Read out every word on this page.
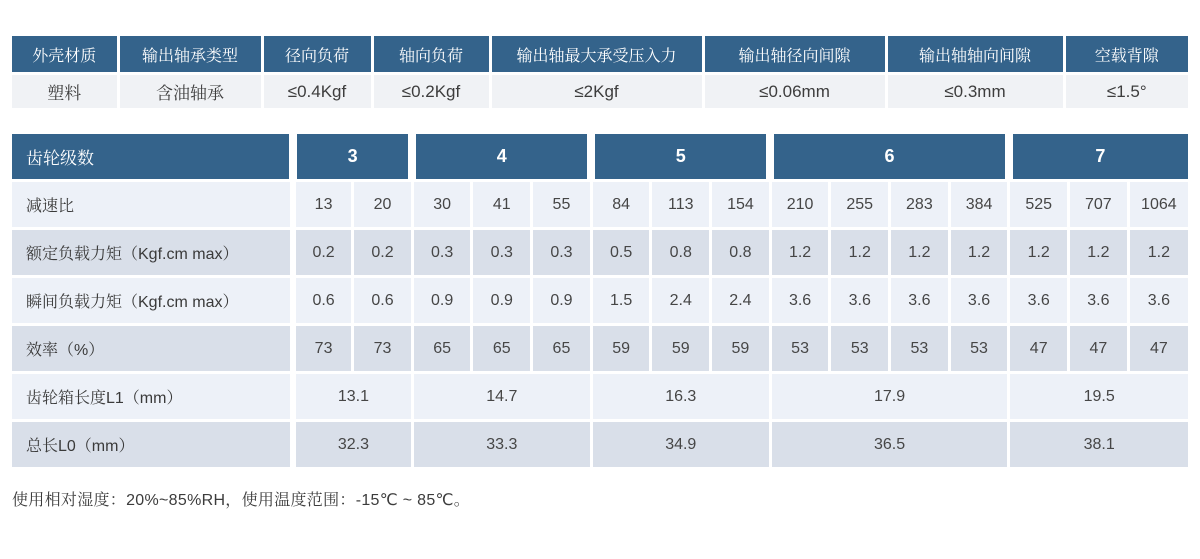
外壳材质	输出轴承类型	径向负荷	轴向负荷	输出轴最大承受压入力	输出轴径向间隙	输出轴轴向间隙	空载背隙
塑料	含油轴承	≤0.4Kgf	≤0.2Kgf	≤2Kgf	≤0.06mm	≤0.3mm	≤1.5°
齿轮级数	3		4			5			6				7		
减速比	13	20	30	41	55	84	113	154	210	255	283	384	525	707	1064
额定负载力矩（Kgf.cm max）	0.2	0.2	0.3	0.3	0.3	0.5	0.8	0.8	1.2	1.2	1.2	1.2	1.2	1.2	1.2
瞬间负载力矩（Kgf.cm max）	0.6	0.6	0.9	0.9	0.9	1.5	2.4	2.4	3.6	3.6	3.6	3.6	3.6	3.6	3.6
效率（%）	73	73	65	65	65	59	59	59	53	53	53	53	47	47	47
齿轮箱长度L1（mm）	13.1		14.7			16.3			17.9				19.5		
总长L0（mm）	32.3		33.3			34.9			36.5				38.1		
使用相对湿度：20%~85%RH，使用温度范围：-15℃ ~ 85℃。
